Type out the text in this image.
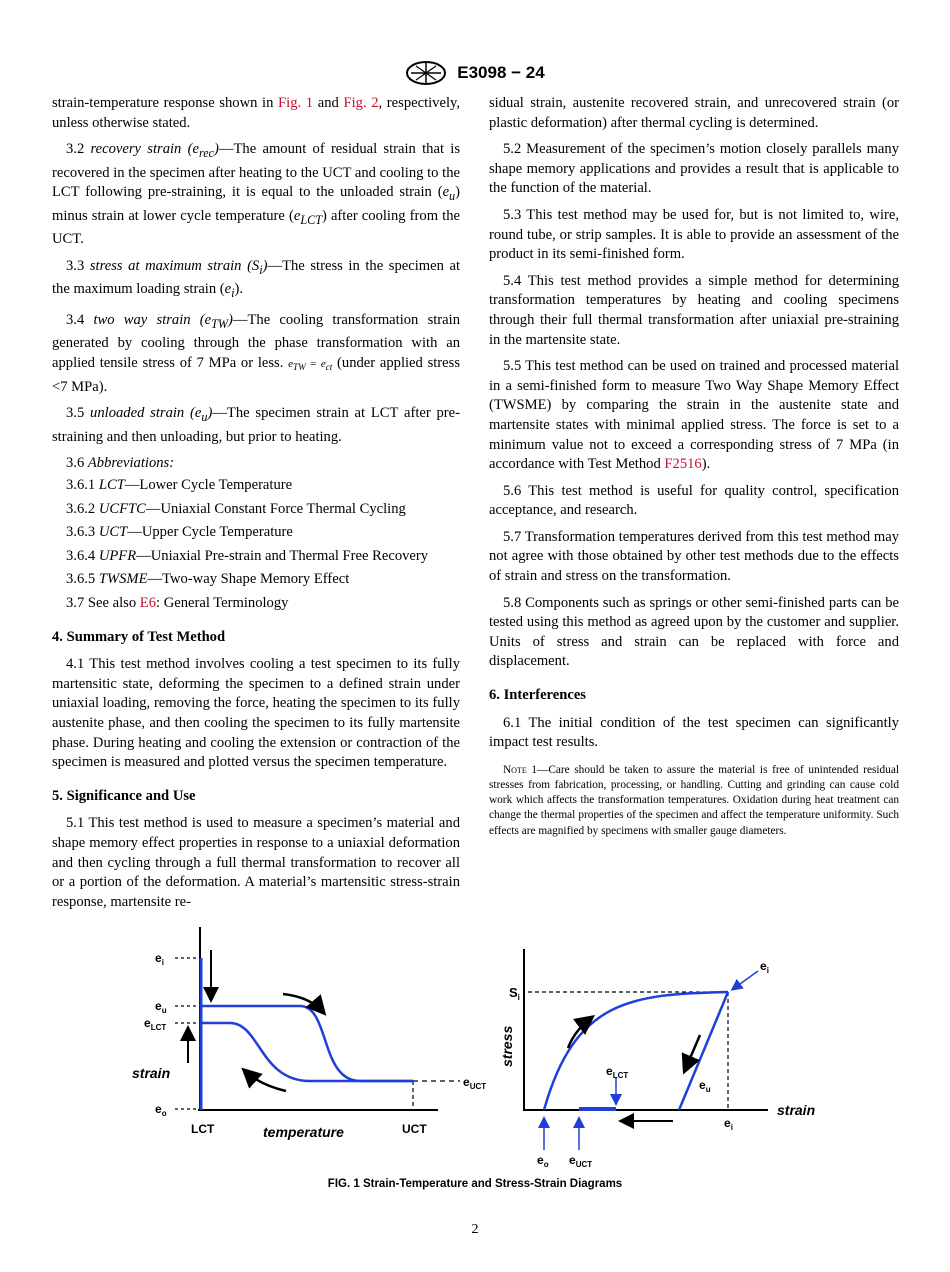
E3098 − 24

strain-temperature response shown in Fig. 1 and Fig. 2, respectively, unless otherwise stated.

3.2 recovery strain $(e_{rec})—The$ amount of residual strain that is recovered in the specimen after heating to the UCT and cooling to the LCT following pre-straining, it is equal to the unloaded strain $(e_u)$ minus strain at lower cycle temperature $(e_{LCT})$ after cooling from the UCT.

3.3 stress at maximum strain $(S_i)—The$ stress in the specimen at the maximum loading strain $(e_i)$.

3.4 two way strain $(e_{TW})—The$ cooling transformation strain generated by cooling through the phase transformation with an applied tensile stress of 7 MPa or less. $e_{TW} = e_{ct}$ (under applied stress <7 MPa).

3.5 unloaded strain $(e_u)—The$ specimen strain at LCT after pre-straining and then unloading, but prior to heating.

3.6 Abbreviations:

3.6.1 LCT—Lower Cycle Temperature

3.6.2 UCFTC—Uniaxial Constant Force Thermal Cycling

3.6.3 UCT—Upper Cycle Temperature

3.6.4 UPFR—Uniaxial Pre-strain and Thermal Free Recovery

3.6.5 TWSME—Two-way Shape Memory Effect

3.7 See also E6: General Terminology

4. Summary of Test Method

4.1 This test method involves cooling a test specimen to its fully martensitic state, deforming the specimen to a defined strain under uniaxial loading, removing the force, heating the specimen to its fully austenite phase, and then cooling the specimen to its fully martensite phase. During heating and cooling the extension or contraction of the specimen is measured and plotted versus the specimen temperature.

5. Significance and Use

5.1 This test method is used to measure a specimen’s material and shape memory effect properties in response to a uniaxial deformation and then cycling through a full thermal transformation to recover all or a portion of the deformation. A material’s martensitic stress-strain response, martensite re-

sidual strain, austenite recovered strain, and unrecovered strain (or plastic deformation) after thermal cycling is determined.

5.2 Measurement of the specimen’s motion closely parallels many shape memory applications and provides a result that is applicable to the function of the material.

5.3 This test method may be used for, but is not limited to, wire, round tube, or strip samples. It is able to provide an assessment of the product in its semi-finished form.

5.4 This test method provides a simple method for determining transformation temperatures by heating and cooling specimens through their full thermal transformation after uniaxial pre-straining in the martensite state.

5.5 This test method can be used on trained and processed material in a semi-finished form to measure Two Way Shape Memory Effect (TWSME) by comparing the strain in the austenite state and martensite states with minimal applied stress. The force is set to a minimum value not to exceed a corresponding stress of 7 MPa (in accordance with Test Method F2516).

5.6 This test method is useful for quality control, specification acceptance, and research.

5.7 Transformation temperatures derived from this test method may not agree with those obtained by other test methods due to the effects of strain and stress on the transformation.

5.8 Components such as springs or other semi-finished parts can be tested using this method as agreed upon by the customer and supplier. Units of stress and strain can be replaced with force and displacement.

6. Interferences

6.1 The initial condition of the test specimen can significantly impact test results.

Note 1—Care should be taken to assure the material is free of unintended residual stresses from fabrication, processing, or handling. Cutting and grinding can cause cold work which affects the transformation temperatures. Oxidation during heat treatment can change the thermal properties of the specimen and affect the temperature uniformity. Such effects are magnified by specimens with smaller gauge diameters.

$e_i$
$e_u$
$e_{LCT}$
$e_o$
strain
temperature
LCT	UCT
$e_{UCT}$
$S_i$
$e_i$
$e_i$
$e_{LCT}$
$e_u$
$e_o$ $e_{UCT}$
strain
stress
FIG. 1 Strain-Temperature and Stress-Strain Diagrams
2
